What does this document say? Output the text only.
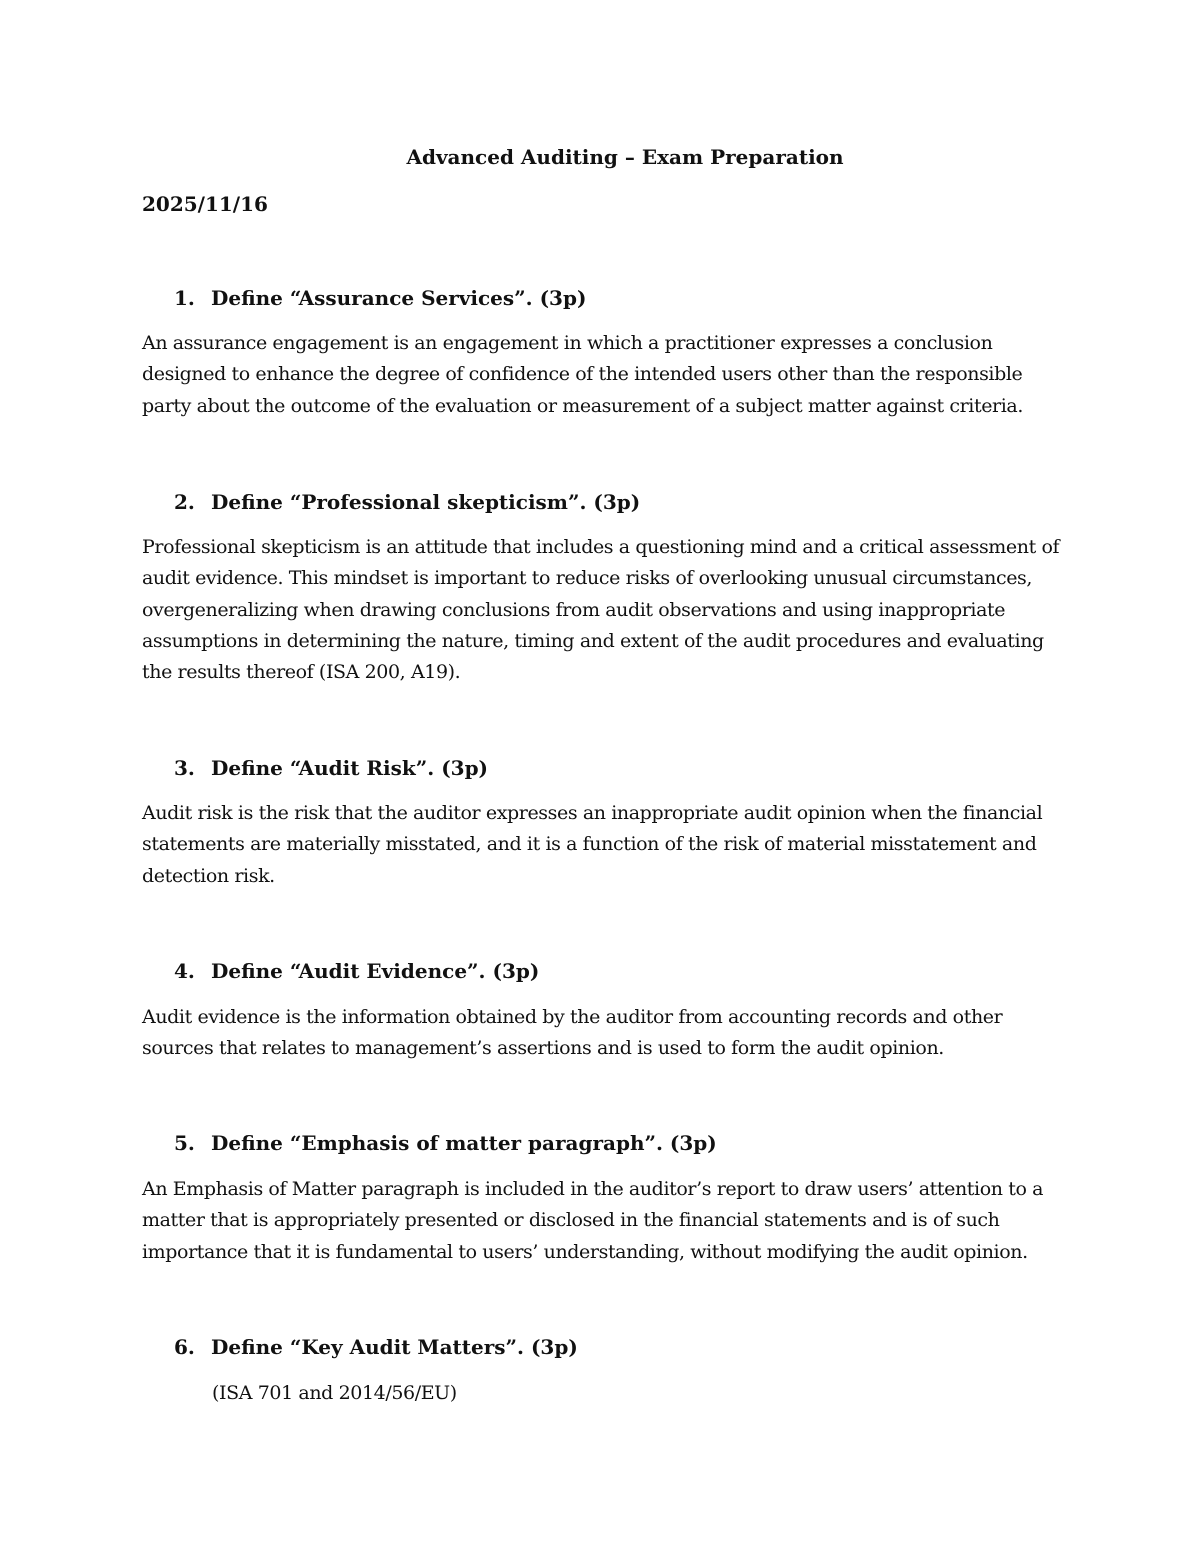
Advanced Auditing – Exam Preparation
2025/11/16
1. Define “Assurance Services”. (3p)
An assurance engagement is an engagement in which a practitioner expresses a conclusion designed to enhance the degree of confidence of the intended users other than the responsible party about the outcome of the evaluation or measurement of a subject matter against criteria.
2. Define “Professional skepticism”. (3p)
Professional skepticism is an attitude that includes a questioning mind and a critical assessment of audit evidence. This mindset is important to reduce risks of overlooking unusual circumstances, overgeneralizing when drawing conclusions from audit observations and using inappropriate assumptions in determining the nature, timing and extent of the audit procedures and evaluating the results thereof (ISA 200, A19).
3. Define “Audit Risk”. (3p)
Audit risk is the risk that the auditor expresses an inappropriate audit opinion when the financial statements are materially misstated, and it is a function of the risk of material misstatement and detection risk.
4. Define “Audit Evidence”. (3p)
Audit evidence is the information obtained by the auditor from accounting records and other sources that relates to management’s assertions and is used to form the audit opinion.
5. Define “Emphasis of matter paragraph”. (3p)
An Emphasis of Matter paragraph is included in the auditor’s report to draw users’ attention to a matter that is appropriately presented or disclosed in the financial statements and is of such importance that it is fundamental to users’ understanding, without modifying the audit opinion.
6. Define “Key Audit Matters”. (3p)
(ISA 701 and 2014/56/EU)
